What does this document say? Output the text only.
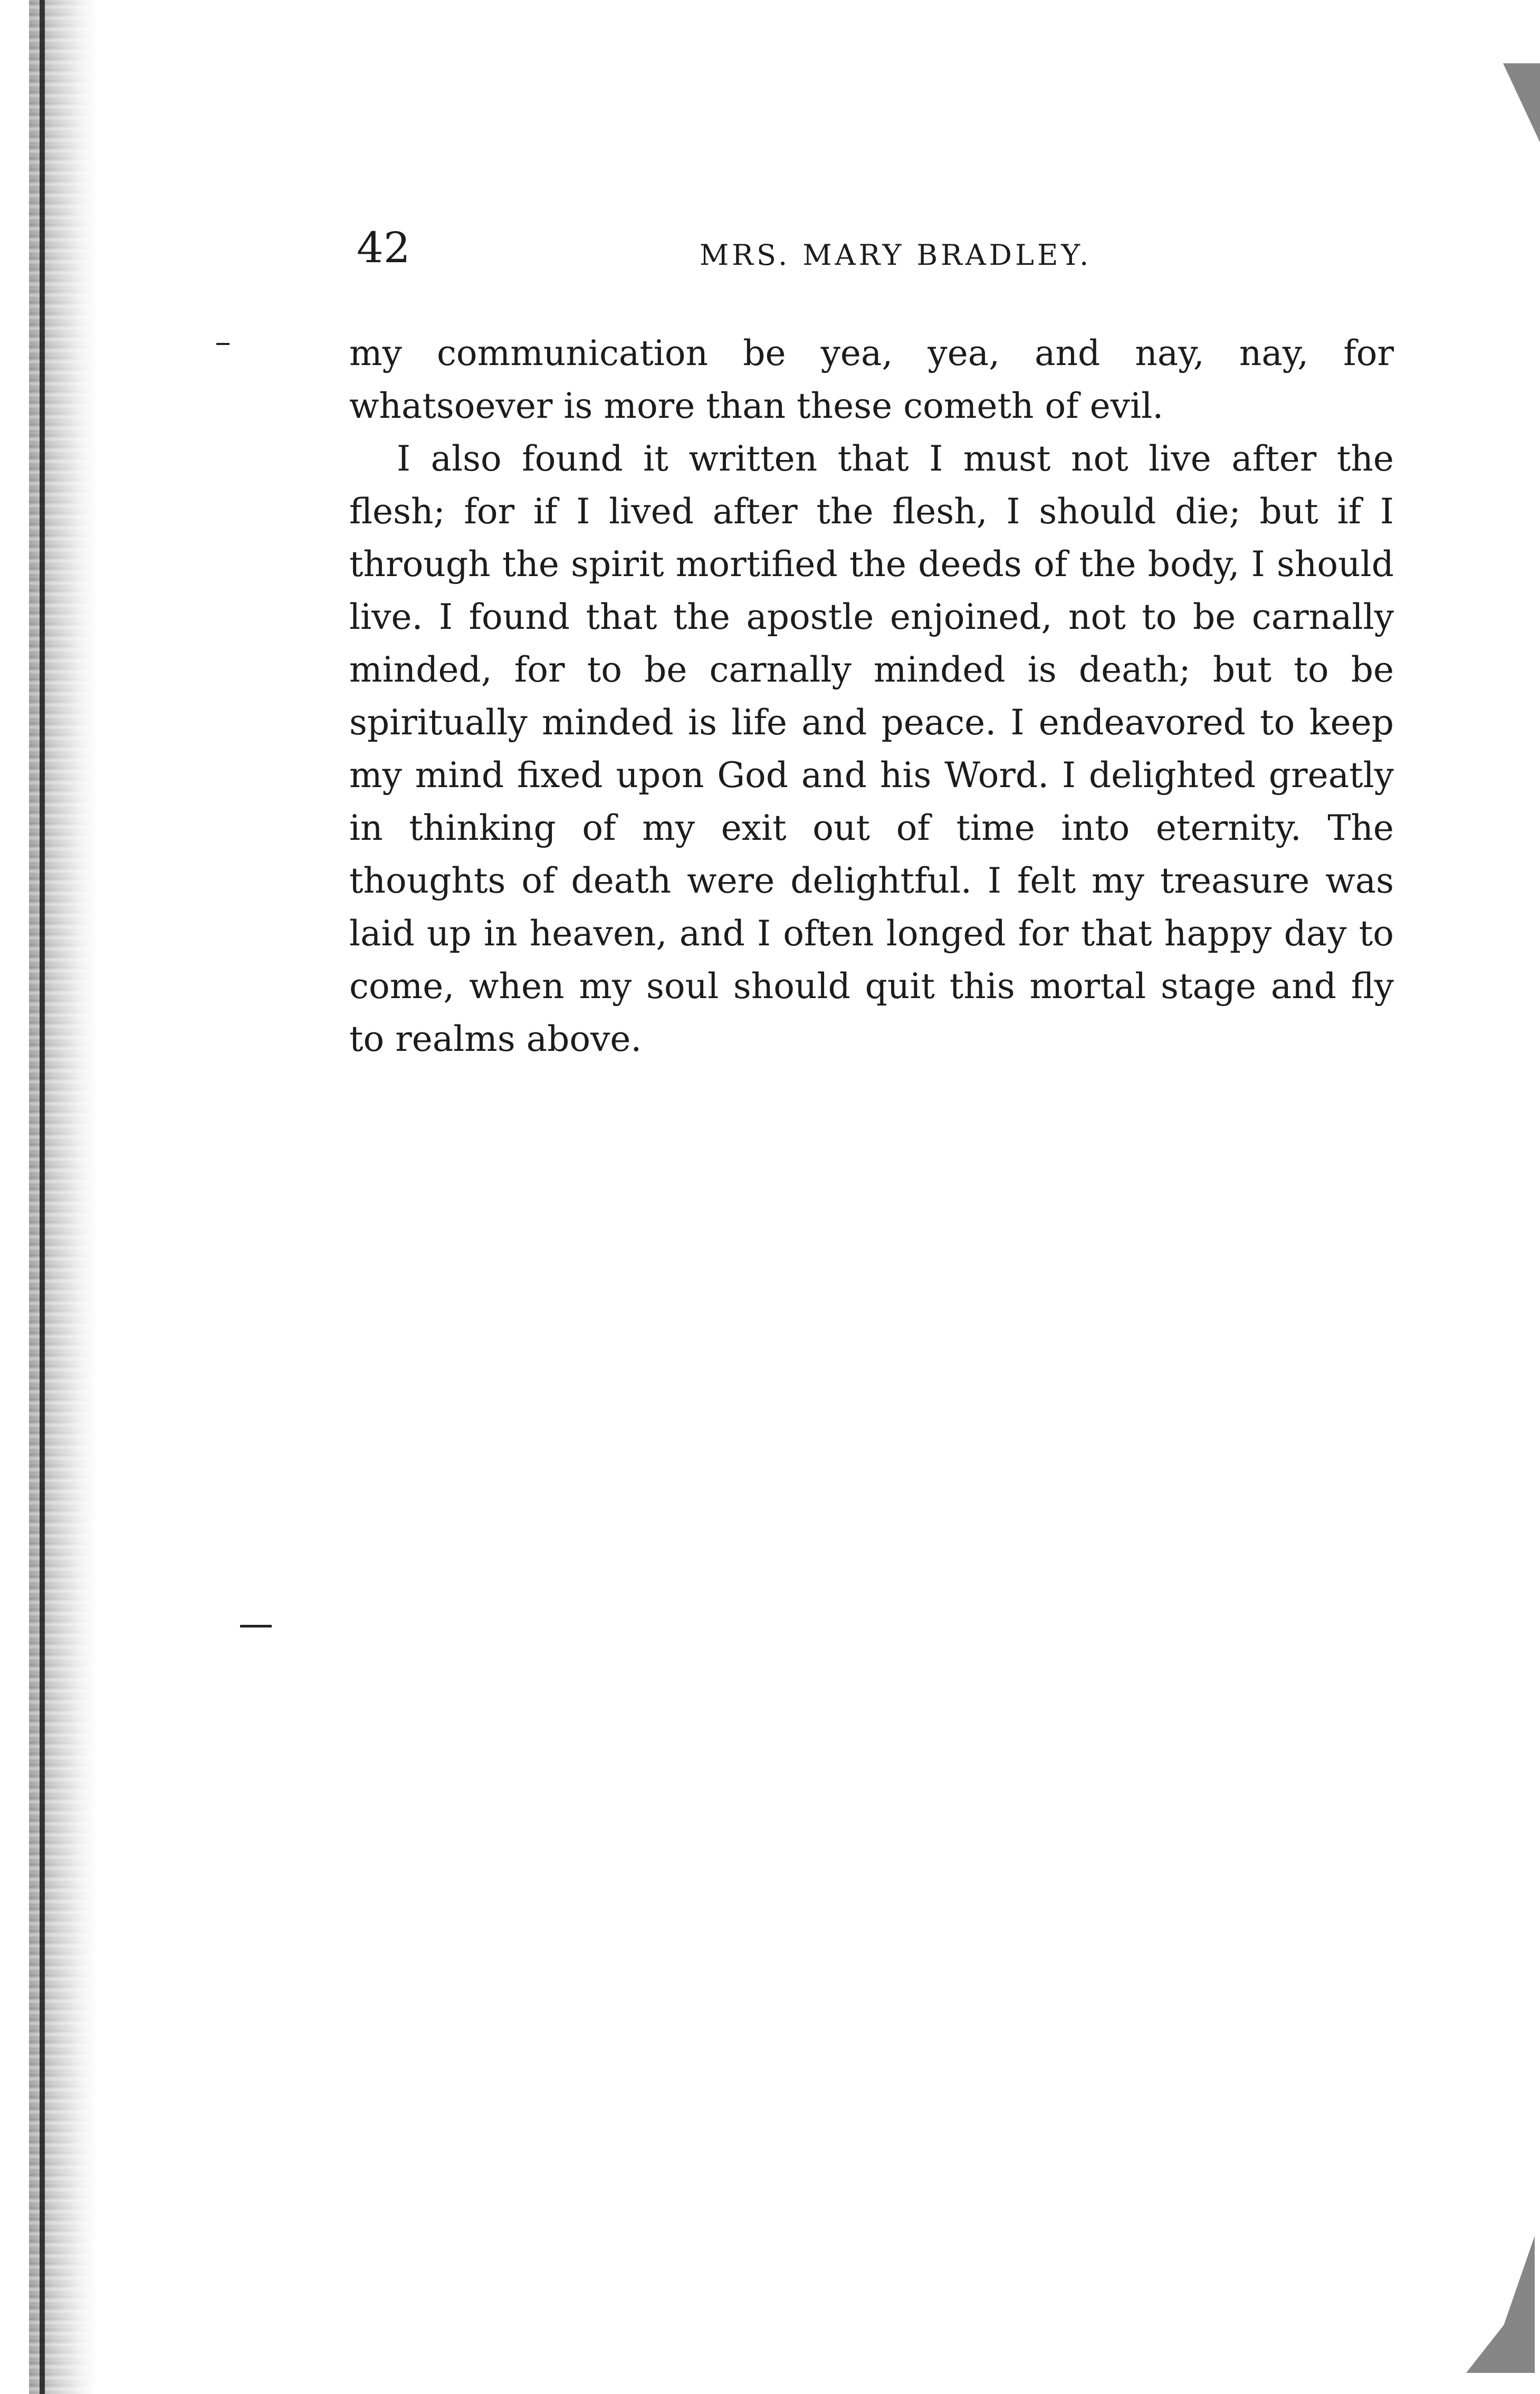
42	MRS. MARY BRADLEY.

my communication be yea, yea, and nay, nay, for whatsoever is more than these cometh of evil.

I also found it written that I must not live after the flesh; for if I lived after the flesh, I should die; but if I through the spirit mortified the deeds of the body, I should live. I found that the apostle enjoined, not to be carnally minded, for to be carnally minded is death; but to be spiritually minded is life and peace. I endeavored to keep my mind fixed upon God and his Word. I delighted greatly in thinking of my exit out of time into eternity. The thoughts of death were delightful. I felt my treasure was laid up in heaven, and I often longed for that happy day to come, when my soul should quit this mortal stage and fly to realms above.
